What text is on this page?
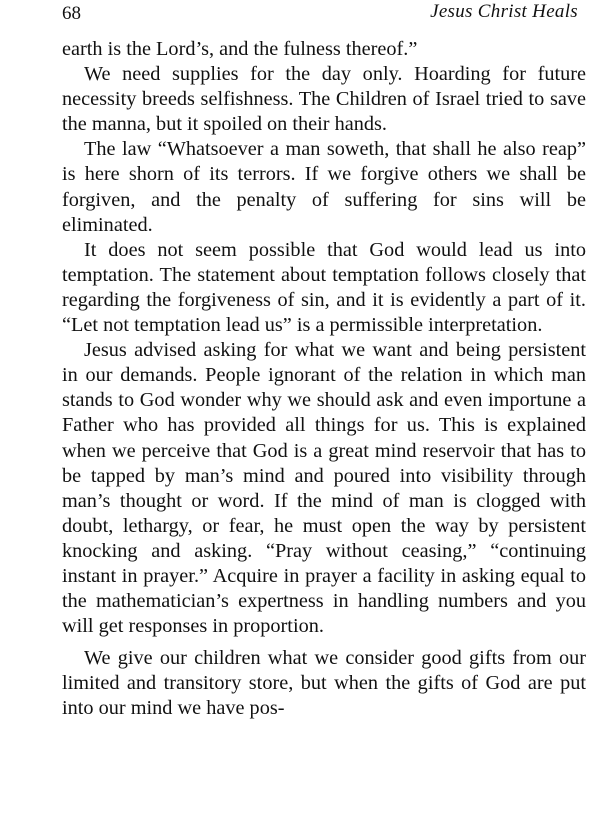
68	Jesus Christ Heals

earth is the Lord’s, and the fulness thereof.”

We need supplies for the day only. Hoarding for future necessity breeds selfishness. The Children of Israel tried to save the manna, but it spoiled on their hands.

The law “Whatsoever a man soweth, that shall he also reap” is here shorn of its terrors. If we forgive others we shall be forgiven, and the penalty of suffering for sins will be eliminated.

It does not seem possible that God would lead us into temptation. The statement about temptation follows closely that regarding the forgiveness of sin, and it is evidently a part of it. “Let not temptation lead us” is a permissible interpretation.

Jesus advised asking for what we want and being persistent in our demands. People ignorant of the relation in which man stands to God wonder why we should ask and even importune a Father who has provided all things for us. This is explained when we perceive that God is a great mind reservoir that has to be tapped by man’s mind and poured into visibility through man’s thought or word. If the mind of man is clogged with doubt, lethargy, or fear, he must open the way by persistent knocking and asking. “Pray without ceasing,” “continuing instant in prayer.” Acquire in prayer a facility in asking equal to the mathematician’s expertness in handling numbers and you will get responses in proportion.

We give our children what we consider good gifts from our limited and transitory store, but when the gifts of God are put into our mind we have pos-
